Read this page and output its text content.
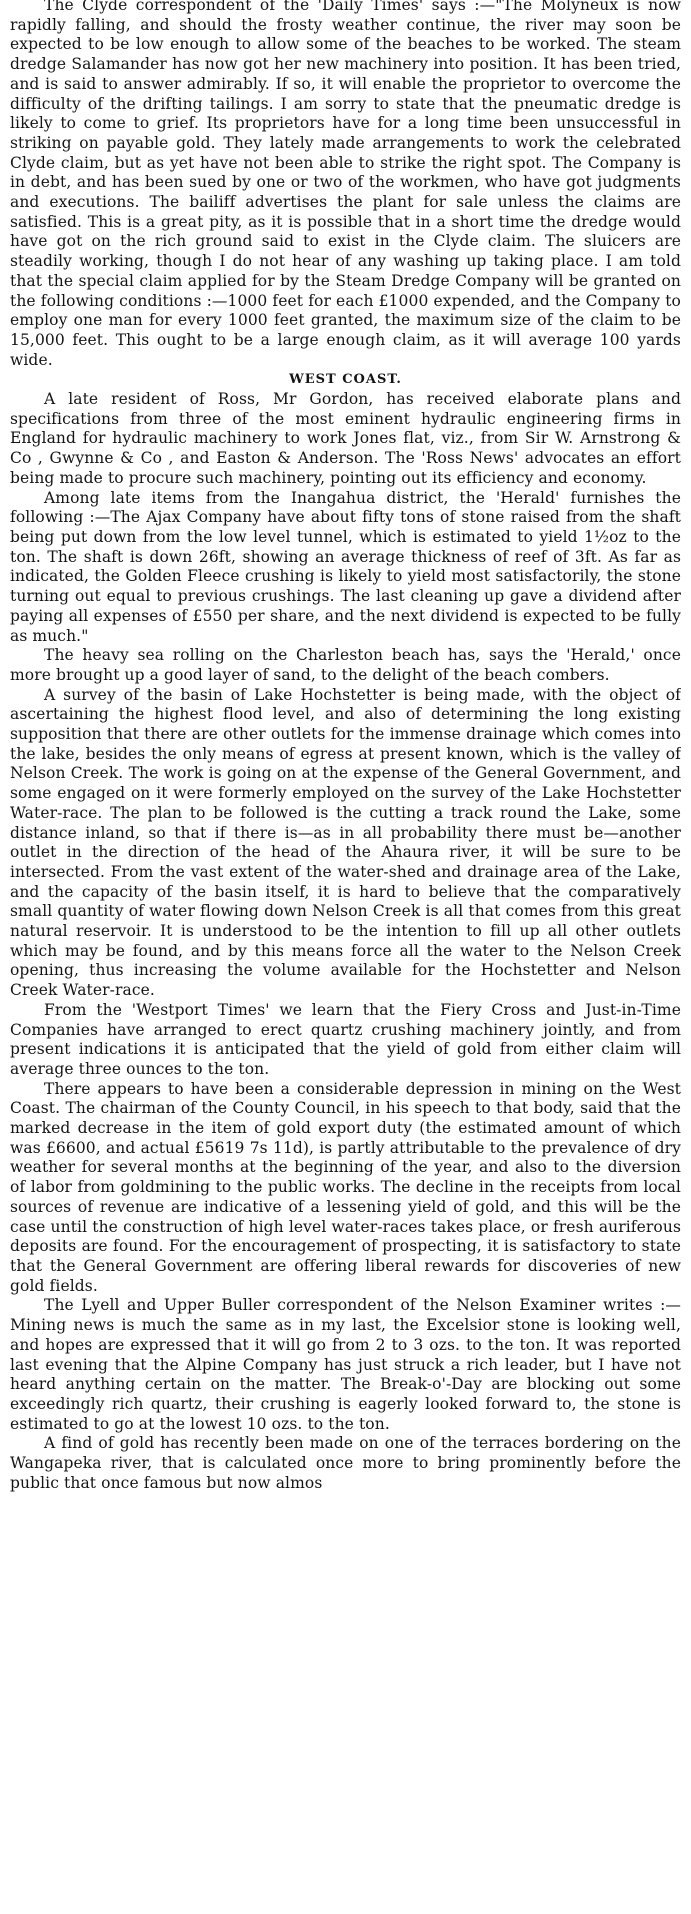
The Clyde correspondent of the 'Daily Times' says :—"The Molyneux is now rapidly falling, and should the frosty weather continue, the river may soon be expected to be low enough to allow some of the beaches to be worked. The steam dredge Salamander has now got her new machinery into position. It has been tried, and is said to answer admirably. If so, it will enable the proprietor to overcome the difficulty of the drifting tailings. I am sorry to state that the pneumatic dredge is likely to come to grief. Its proprietors have for a long time been unsuccessful in striking on payable gold. They lately made arrangements to work the celebrated Clyde claim, but as yet have not been able to strike the right spot. The Company is in debt, and has been sued by one or two of the workmen, who have got judgments and executions. The bailiff advertises the plant for sale unless the claims are satisfied. This is a great pity, as it is possible that in a short time the dredge would have got on the rich ground said to exist in the Clyde claim. The sluicers are steadily working, though I do not hear of any washing up taking place. I am told that the special claim applied for by the Steam Dredge Company will be granted on the following conditions :—1000 feet for each £1000 expended, and the Company to employ one man for every 1000 feet granted, the maximum size of the claim to be 15,000 feet. This ought to be a large enough claim, as it will average 100 yards wide.

WEST COAST.

A late resident of Ross, Mr Gordon, has received elaborate plans and specifications from three of the most eminent hydraulic engineering firms in England for hydraulic machinery to work Jones flat, viz., from Sir W. Arnstrong & Co , Gwynne & Co , and Easton & Anderson. The 'Ross News' advocates an effort being made to procure such machinery, pointing out its efficiency and economy.

Among late items from the Inangahua district, the 'Herald' furnishes the following :—The Ajax Company have about fifty tons of stone raised from the shaft being put down from the low level tunnel, which is estimated to yield 1½oz to the ton. The shaft is down 26ft, showing an average thickness of reef of 3ft. As far as indicated, the Golden Fleece crushing is likely to yield most satisfactorily, the stone turning out equal to previous crushings. The last cleaning up gave a dividend after paying all expenses of £550 per share, and the next dividend is expected to be fully as much."

The heavy sea rolling on the Charleston beach has, says the 'Herald,' once more brought up a good layer of sand, to the delight of the beach combers.

A survey of the basin of Lake Hochstetter is being made, with the object of ascertaining the highest flood level, and also of determining the long existing supposition that there are other outlets for the immense drainage which comes into the lake, besides the only means of egress at present known, which is the valley of Nelson Creek. The work is going on at the expense of the General Government, and some engaged on it were formerly employed on the survey of the Lake Hochstetter Water-race. The plan to be followed is the cutting a track round the Lake, some distance inland, so that if there is—as in all probability there must be—another outlet in the direction of the head of the Ahaura river, it will be sure to be intersected. From the vast extent of the water-shed and drainage area of the Lake, and the capacity of the basin itself, it is hard to believe that the comparatively small quantity of water flowing down Nelson Creek is all that comes from this great natural reservoir. It is understood to be the intention to fill up all other outlets which may be found, and by this means force all the water to the Nelson Creek opening, thus increasing the volume available for the Hochstetter and Nelson Creek Water-race.

From the 'Westport Times' we learn that the Fiery Cross and Just-in-Time Companies have arranged to erect quartz crushing machinery jointly, and from present indications it is anticipated that the yield of gold from either claim will average three ounces to the ton.

There appears to have been a considerable depression in mining on the West Coast. The chairman of the County Council, in his speech to that body, said that the marked decrease in the item of gold export duty (the estimated amount of which was £6600, and actual £5619 7s 11d), is partly attributable to the prevalence of dry weather for several months at the beginning of the year, and also to the diversion of labor from goldmining to the public works. The decline in the receipts from local sources of revenue are indicative of a lessening yield of gold, and this will be the case until the construction of high level water-races takes place, or fresh auriferous deposits are found. For the encouragement of prospecting, it is satisfactory to state that the General Government are offering liberal rewards for discoveries of new gold fields.

The Lyell and Upper Buller correspondent of the Nelson Examiner writes :—Mining news is much the same as in my last, the Excelsior stone is looking well, and hopes are expressed that it will go from 2 to 3 ozs. to the ton. It was reported last evening that the Alpine Company has just struck a rich leader, but I have not heard anything certain on the matter. The Break-o'-Day are blocking out some exceedingly rich quartz, their crushing is eagerly looked forward to, the stone is estimated to go at the lowest 10 ozs. to the ton.

A find of gold has recently been made on one of the terraces bordering on the Wangapeka river, that is calculated once more to bring prominently before the public that once famous but now almos
